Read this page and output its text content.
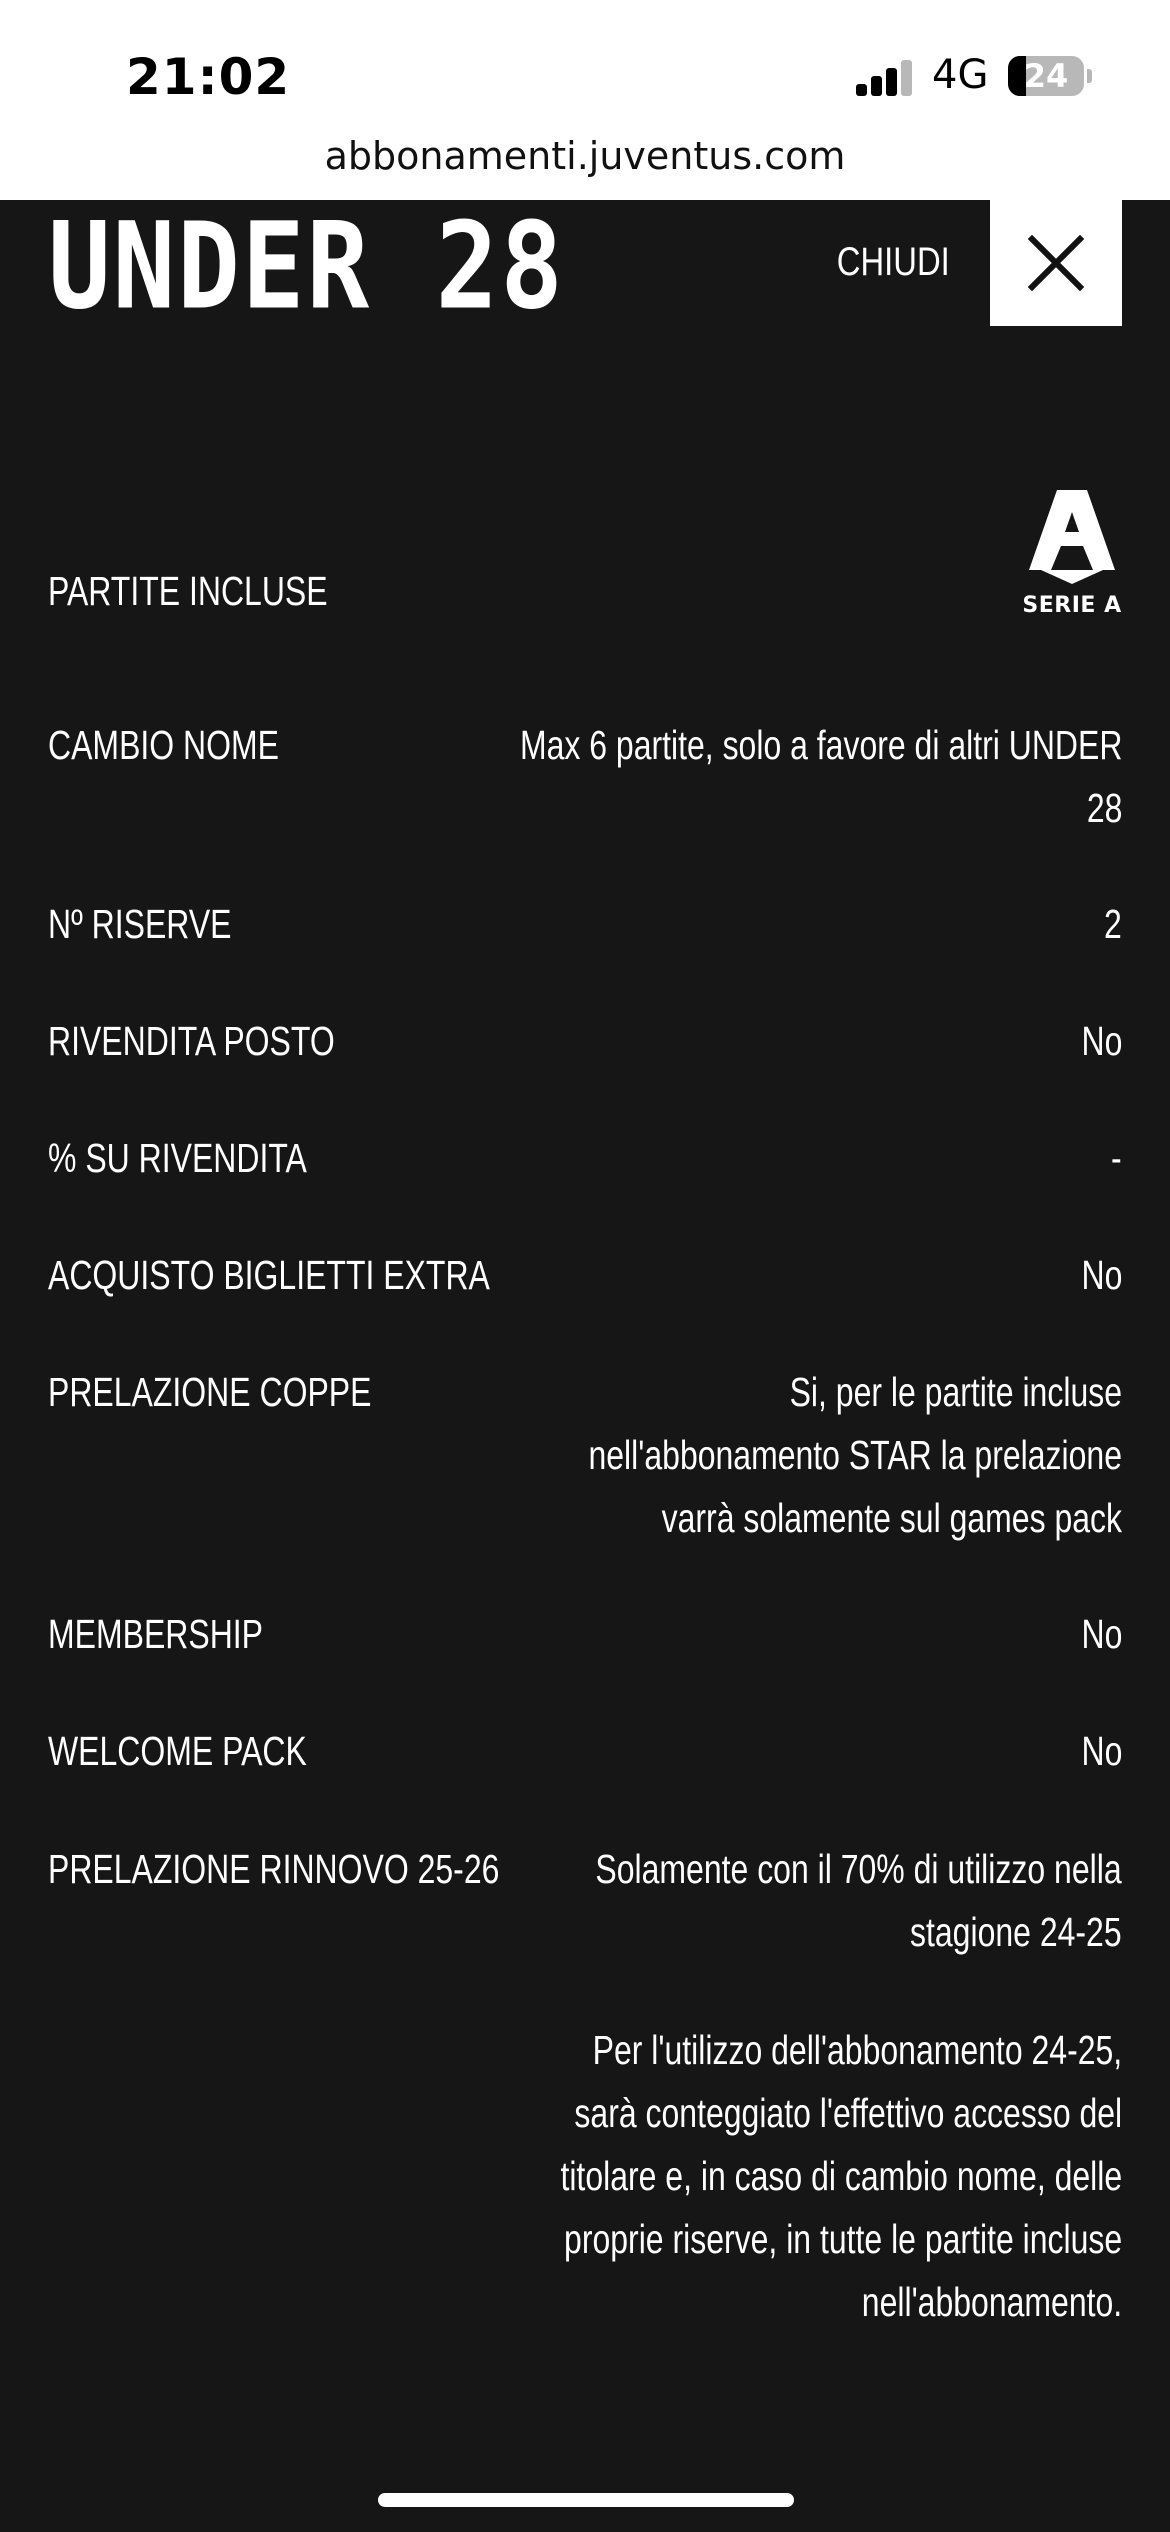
21:02	4G	24
abbonamenti.juventus.com
UNDER 28	CHIUDI
PARTITE INCLUSE	SERIE A
CAMBIO NOME	Max 6 partite, solo a favore di altri UNDER
28
Nº RISERVE	2
RIVENDITA POSTO	No
% SU RIVENDITA	-
ACQUISTO BIGLIETTI EXTRA	No
PRELAZIONE COPPE	Si, per le partite incluse
nell'abbonamento STAR la prelazione
varrà solamente sul games pack
MEMBERSHIP	No
WELCOME PACK	No
PRELAZIONE RINNOVO 25-26 Solamente con il 70% di utilizzo nella
stagione 24-25
Per l'utilizzo dell'abbonamento 24-25,
sarà conteggiato l'effettivo accesso del
titolare e, in caso di cambio nome, delle
proprie riserve, in tutte le partite incluse
nell'abbonamento.
